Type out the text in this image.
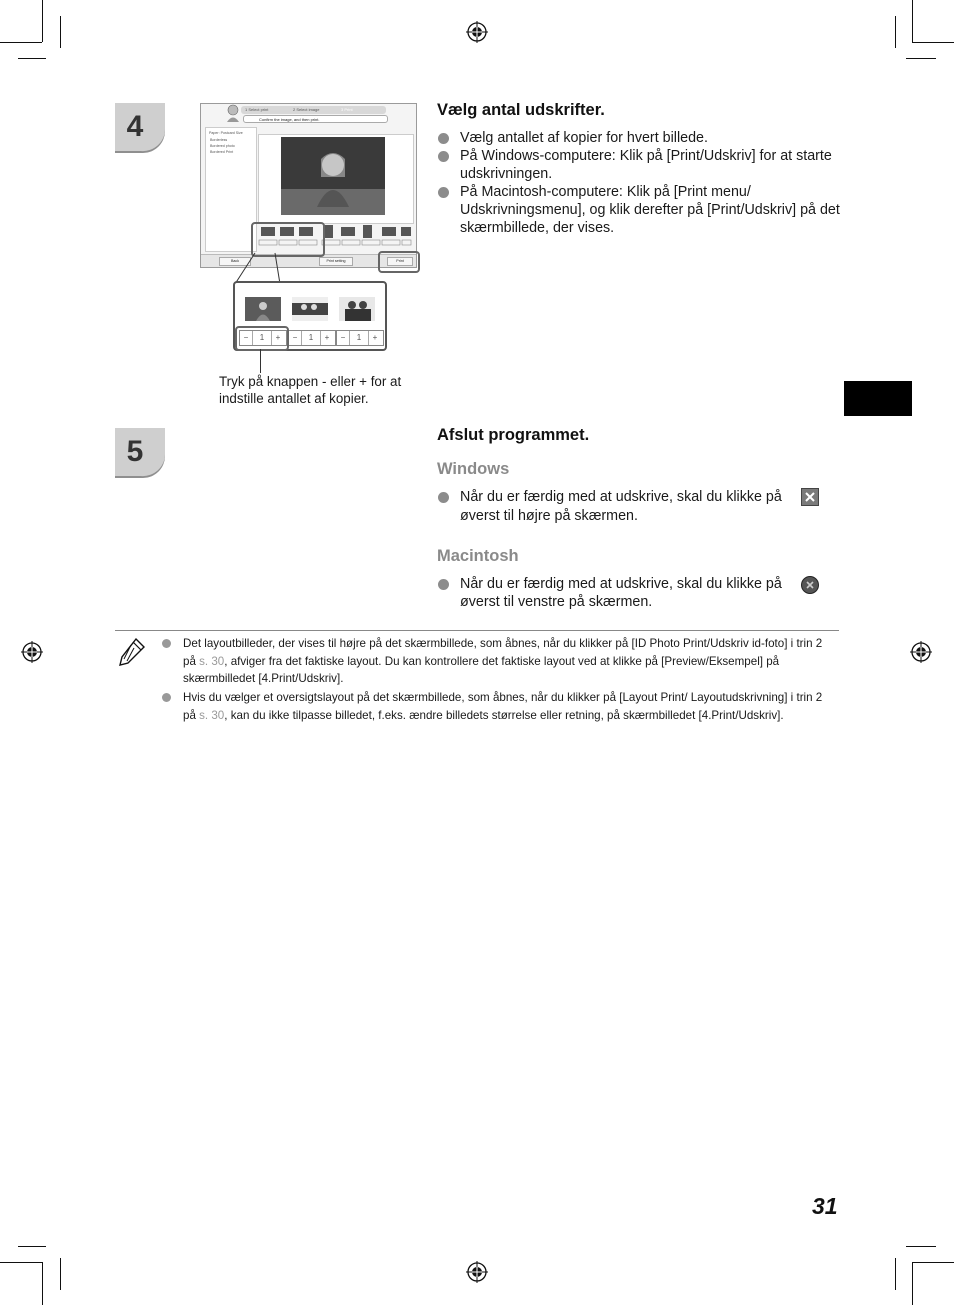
4
1 Select print	2 Select image	3 Print
Confirm the image, and then print.
Paper: Postcard Size
Borderless
Bordered photo
Bordered Print
Back	Print setting	Print
− 1 +	− 1 +	− 1 +
Tryk på knappen - eller + for at indstille antallet af kopier.
Vælg antal udskrifter.
Vælg antallet af kopier for hvert billede.
På Windows-computere: Klik på [Print/Udskriv] for at starte udskrivningen.
På Macintosh-computere: Klik på [Print menu/ Udskrivningsmenu], og klik derefter på [Print/Udskriv] på det skærmbillede, der vises.
5	Afslut programmet.
Windows
Når du er færdig med at udskrive, skal du klikke på
øverst til højre på skærmen.
Macintosh
Når du er færdig med at udskrive, skal du klikke på
øverst til venstre på skærmen.
Det layoutbilleder, der vises til højre på det skærmbillede, som åbnes, når du klikker på [ID Photo Print/Udskriv id-foto] i trin 2 på s. 30, afviger fra det faktiske layout. Du kan kontrollere det faktiske layout ved at klikke på [Preview/Eksempel] på skærmbilledet [4.Print/Udskriv].
Hvis du vælger et oversigtslayout på det skærmbillede, som åbnes, når du klikker på [Layout Print/ Layoutudskrivning] i trin 2 på s. 30, kan du ikke tilpasse billedet, f.eks. ændre billedets størrelse eller retning, på skærmbilledet [4.Print/Udskriv].
31
